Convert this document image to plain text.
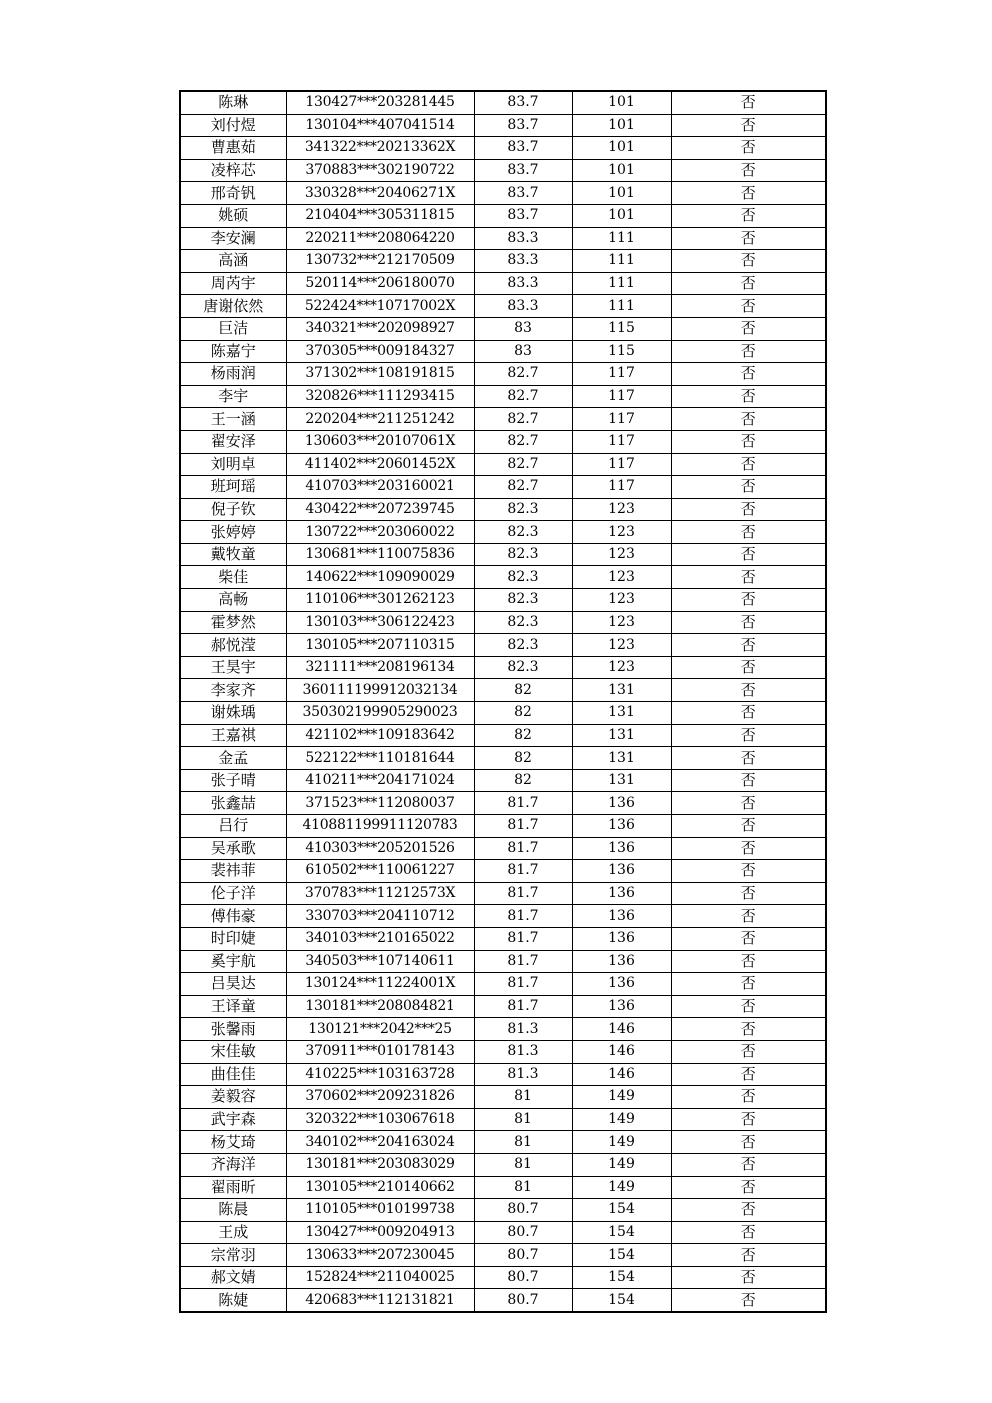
陈琳	130427***203281445	83.7	101	否
刘付煜	130104***407041514	83.7	101	否
曹惠茹	341322***20213362X	83.7	101	否
凌梓芯	370883***302190722	83.7	101	否
邢奇钒	330328***20406271X	83.7	101	否
姚硕	210404***305311815	83.7	101	否
李安澜	220211***208064220	83.3	111	否
高涵	130732***212170509	83.3	111	否
周芮宇	520114***206180070	83.3	111	否
唐谢依然	522424***10717002X	83.3	111	否
巨洁	340321***202098927	83	115	否
陈嘉宁	370305***009184327	83	115	否
杨雨润	371302***108191815	82.7	117	否
李宇	320826***111293415	82.7	117	否
王一涵	220204***211251242	82.7	117	否
翟安泽	130603***20107061X	82.7	117	否
刘明卓	411402***20601452X	82.7	117	否
班珂瑶	410703***203160021	82.7	117	否
倪子钦	430422***207239745	82.3	123	否
张婷婷	130722***203060022	82.3	123	否
戴牧童	130681***110075836	82.3	123	否
柴佳	140622***109090029	82.3	123	否
高畅	110106***301262123	82.3	123	否
霍梦然	130103***306122423	82.3	123	否
郝悦滢	130105***207110315	82.3	123	否
王昊宇	321111***208196134	82.3	123	否
李家齐	360111199912032134	82	131	否
谢姝瑀	350302199905290023	82	131	否
王嘉祺	421102***109183642	82	131	否
金孟	522122***110181644	82	131	否
张子晴	410211***204171024	82	131	否
张鑫喆	371523***112080037	81.7	136	否
吕行	410881199911120783	81.7	136	否
吴承歌	410303***205201526	81.7	136	否
裴祎菲	610502***110061227	81.7	136	否
伦子洋	370783***11212573X	81.7	136	否
傅伟豪	330703***204110712	81.7	136	否
时印婕	340103***210165022	81.7	136	否
奚宇航	340503***107140611	81.7	136	否
吕昊达	130124***11224001X	81.7	136	否
王译童	130181***208084821	81.7	136	否
张馨雨	130121***2042***25	81.3	146	否
宋佳敏	370911***010178143	81.3	146	否
曲佳佳	410225***103163728	81.3	146	否
姜毅容	370602***209231826	81	149	否
武宇森	320322***103067618	81	149	否
杨艾琦	340102***204163024	81	149	否
齐海洋	130181***203083029	81	149	否
翟雨昕	130105***210140662	81	149	否
陈晨	110105***010199738	80.7	154	否
王成	130427***009204913	80.7	154	否
宗常羽	130633***207230045	80.7	154	否
郝文婧	152824***211040025	80.7	154	否
陈婕	420683***112131821	80.7	154	否
